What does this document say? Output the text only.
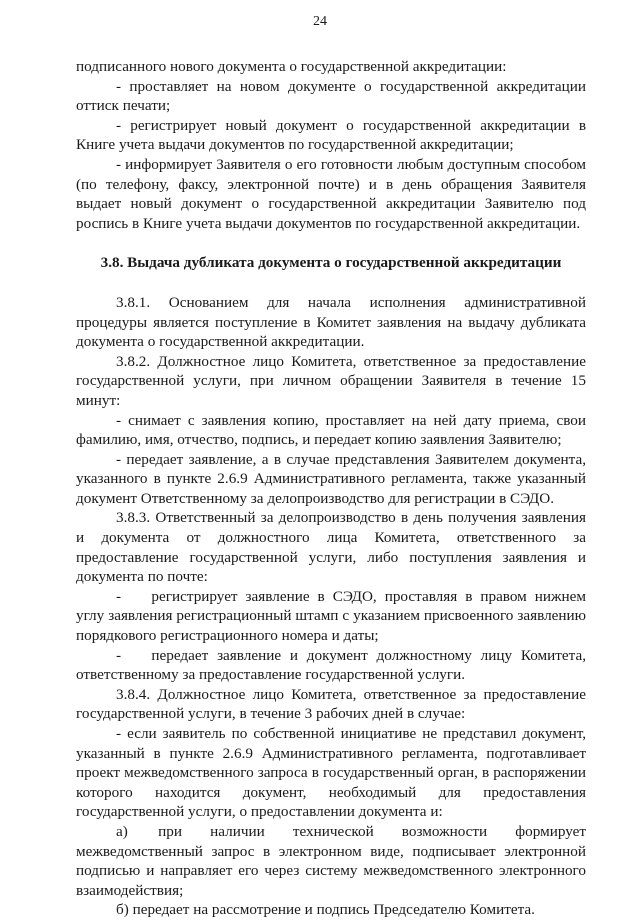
24

подписанного нового документа о государственной аккредитации:

- проставляет на новом документе о государственной аккредитации оттиск печати;

- регистрирует новый документ о государственной аккредитации в Книге учета выдачи документов по государственной аккредитации;

- информирует Заявителя о его готовности любым доступным способом (по телефону, факсу, электронной почте) и в день обращения Заявителя выдает новый документ о государственной аккредитации Заявителю под роспись в Книге учета выдачи документов по государственной аккредитации.

3.8. Выдача дубликата документа о государственной аккредитации

3.8.1. Основанием для начала исполнения административной процедуры является поступление в Комитет заявления на выдачу дубликата документа о государственной аккредитации.

3.8.2. Должностное лицо Комитета, ответственное за предоставление государственной услуги, при личном обращении Заявителя в течение 15 минут:

- снимает с заявления копию, проставляет на ней дату приема, свои фамилию, имя, отчество, подпись, и передает копию заявления Заявителю;

- передает заявление, а в случае представления Заявителем документа, указанного в пункте 2.6.9 Административного регламента, также указанный документ Ответственному за делопроизводство для регистрации в СЭДО.

3.8.3. Ответственный за делопроизводство в день получения заявления и документа от должностного лица Комитета, ответственного за предоставление государственной услуги, либо поступления заявления и документа по почте:

-  регистрирует заявление в СЭДО, проставляя в правом нижнем углу заявления регистрационный штамп с указанием присвоенного заявлению порядкового регистрационного номера и даты;

-  передает заявление и документ должностному лицу Комитета, ответственному за предоставление государственной услуги.

3.8.4. Должностное лицо Комитета, ответственное за предоставление государственной услуги, в течение 3 рабочих дней в случае:

- если заявитель по собственной инициативе не представил документ, указанный в пункте 2.6.9 Административного регламента, подготавливает проект межведомственного запроса в государственный орган, в распоряжении которого находится документ, необходимый для предоставления государственной услуги, о предоставлении документа и:

а)  при наличии технической возможности формирует межведомственный запрос в электронном виде, подписывает электронной подписью и направляет его через систему межведомственного электронного взаимодействия;

б) передает на рассмотрение и подпись Председателю Комитета.
